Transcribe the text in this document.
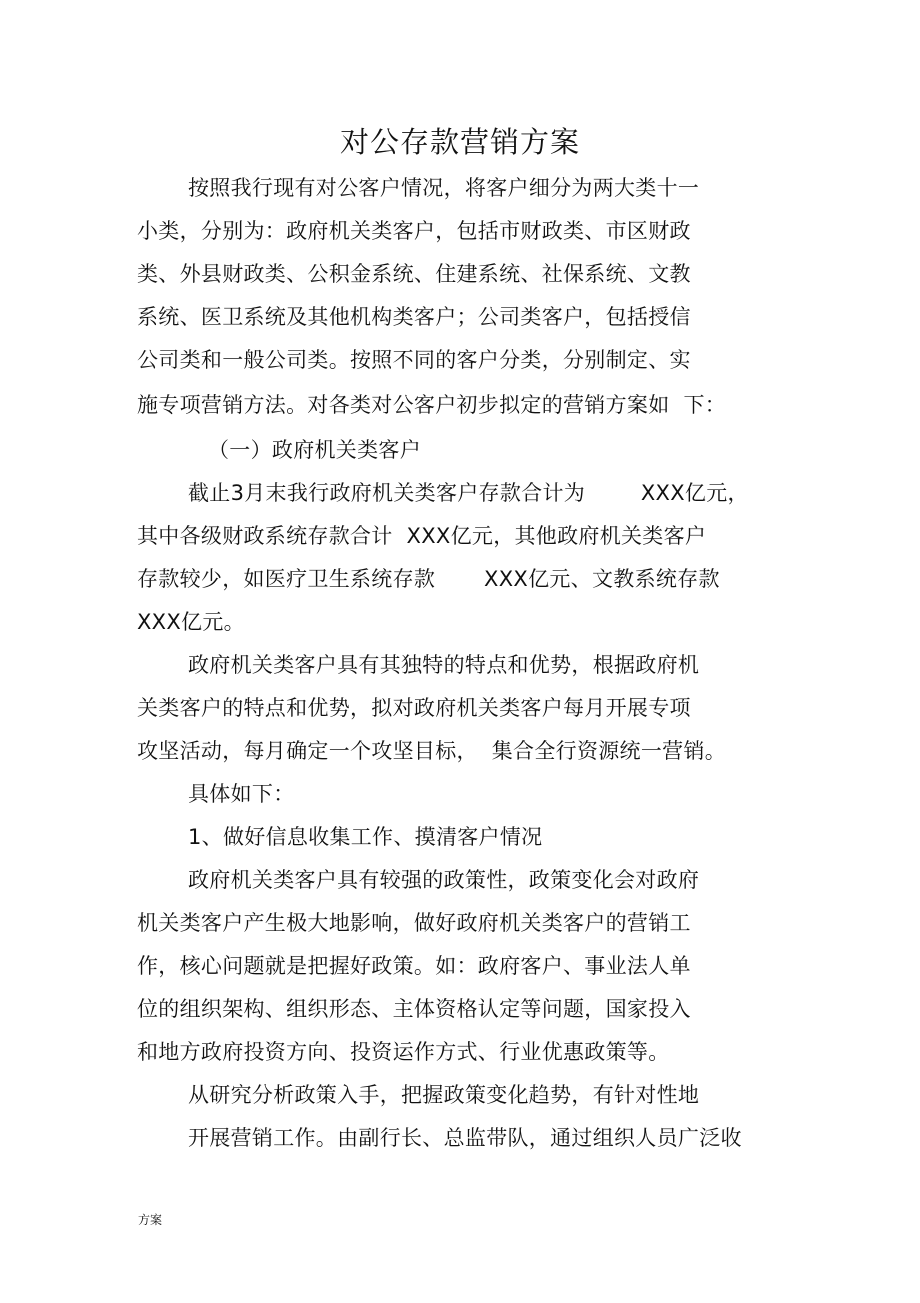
对公存款营销方案

按照我行现有对公客户情况，将客户细分为两大类十一

小类，分别为：政府机关类客户，包括市财政类、市区财政

类、外县财政类、公积金系统、住建系统、社保系统、文教

系统、医卫系统及其他机构类客户；公司类客户，包括授信

公司类和一般公司类。按照不同的客户分类，分别制定、实

施专项营销方法。对各类对公客户初步拟定的营销方案如  下：

（一）政府机关类客户

截止3月末我行政府机关类客户存款合计为        XXX亿元，

其中各级财政系统存款合计  XXX亿元，其他政府机关类客户

存款较少，如医疗卫生系统存款       XXX亿元、文教系统存款

XXX亿元。

政府机关类客户具有其独特的特点和优势，根据政府机

关类客户的特点和优势，拟对政府机关类客户每月开展专项

攻坚活动，每月确定一个攻坚目标，  集合全行资源统一营销。

具体如下：

1、做好信息收集工作、摸清客户情况

政府机关类客户具有较强的政策性，政策变化会对政府

机关类客户产生极大地影响，做好政府机关类客户的营销工

作，核心问题就是把握好政策。如：政府客户、事业法人单

位的组织架构、组织形态、主体资格认定等问题，国家投入

和地方政府投资方向、投资运作方式、行业优惠政策等。

从研究分析政策入手，把握政策变化趋势，有针对性地

开展营销工作。由副行长、总监带队，通过组织人员广泛收

方案
